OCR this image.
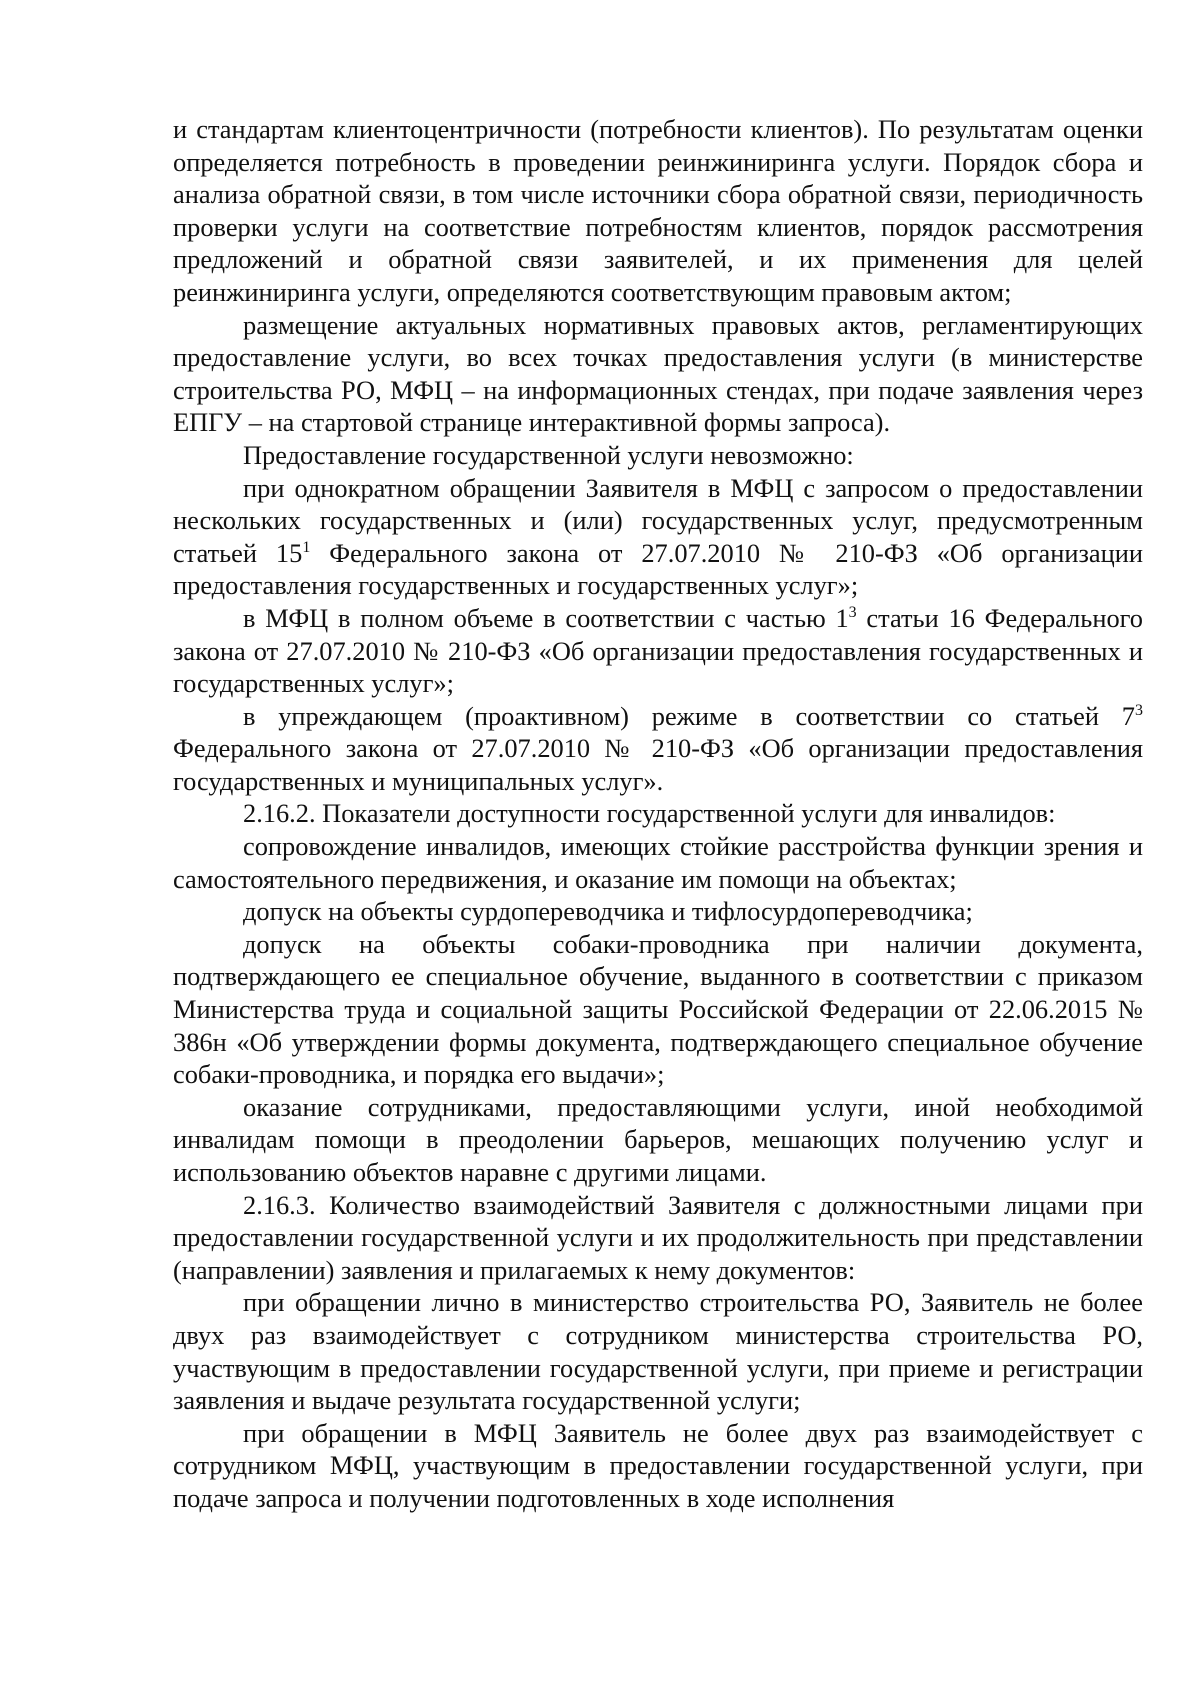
и стандартам клиентоцентричности (потребности клиентов). По результатам оценки определяется потребность в проведении реинжиниринга услуги. Порядок сбора и анализа обратной связи, в том числе источники сбора обратной связи, периодичность проверки услуги на соответствие потребностям клиентов, порядок рассмотрения предложений и обратной связи заявителей, и их применения для целей реинжиниринга услуги, определяются соответствующим правовым актом;

размещение актуальных нормативных правовых актов, регламентирующих предоставление услуги, во всех точках предоставления услуги (в министерстве строительства РО, МФЦ – на информационных стендах, при подаче заявления через ЕПГУ – на стартовой странице интерактивной формы запроса).

Предоставление государственной услуги невозможно:

при однократном обращении Заявителя в МФЦ с запросом о предоставлении нескольких государственных и (или) государственных услуг, предусмотренным статьей $15^1$ Федерального закона от 27.07.2010 № 210-ФЗ «Об организации предоставления государственных и государственных услуг»;

в МФЦ в полном объеме в соответствии с частью $1^3$ статьи 16 Федерального закона от 27.07.2010 № 210-ФЗ «Об организации предоставления государственных и государственных услуг»;

в упреждающем (проактивном) режиме в соответствии со статьей $7^3$ Федерального закона от 27.07.2010 № 210-ФЗ «Об организации предоставления государственных и муниципальных услуг».

2.16.2. Показатели доступности государственной услуги для инвалидов:

сопровождение инвалидов, имеющих стойкие расстройства функции зрения и самостоятельного передвижения, и оказание им помощи на объектах;

допуск на объекты сурдопереводчика и тифлосурдопереводчика;

допуск на объекты собаки-проводника при наличии документа, подтверждающего ее специальное обучение, выданного в соответствии с приказом Министерства труда и социальной защиты Российской Федерации от 22.06.2015 № 386н «Об утверждении формы документа, подтверждающего специальное обучение собаки-проводника, и порядка его выдачи»;

оказание сотрудниками, предоставляющими услуги, иной необходимой инвалидам помощи в преодолении барьеров, мешающих получению услуг и использованию объектов наравне с другими лицами.

2.16.3. Количество взаимодействий Заявителя с должностными лицами при предоставлении государственной услуги и их продолжительность при представлении (направлении) заявления и прилагаемых к нему документов:

при обращении лично в министерство строительства РО, Заявитель не более двух раз взаимодействует с сотрудником министерства строительства РО, участвующим в предоставлении государственной услуги, при приеме и регистрации заявления и выдаче результата государственной услуги;

при обращении в МФЦ Заявитель не более двух раз взаимодействует с сотрудником МФЦ, участвующим в предоставлении государственной услуги, при подаче запроса и получении подготовленных в ходе исполнения
